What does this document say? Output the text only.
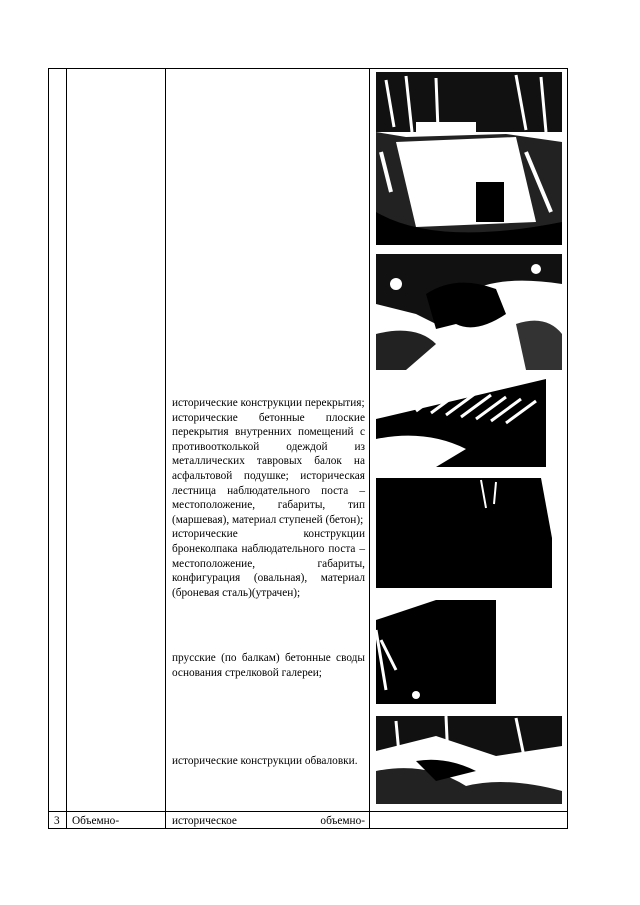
исторические конструкции перекрытия;
исторические бетонные плоские перекрытия внутренних помещений с противоотколькой одеждой из металлических тавровых балок на асфальтовой подушке; историческая лестница наблюдательного поста – местоположение, габариты, тип (маршевая), материал ступеней (бетон);
исторические конструкции бронеколпака наблюдательного поста – местоположение, габариты, конфигурация (овальная), материал (броневая сталь)(утрачен);
прусские (по балкам) бетонные своды основания стрелковой галереи;
исторические конструкции обваловки.
3 Объемно-	историческое объемно-
